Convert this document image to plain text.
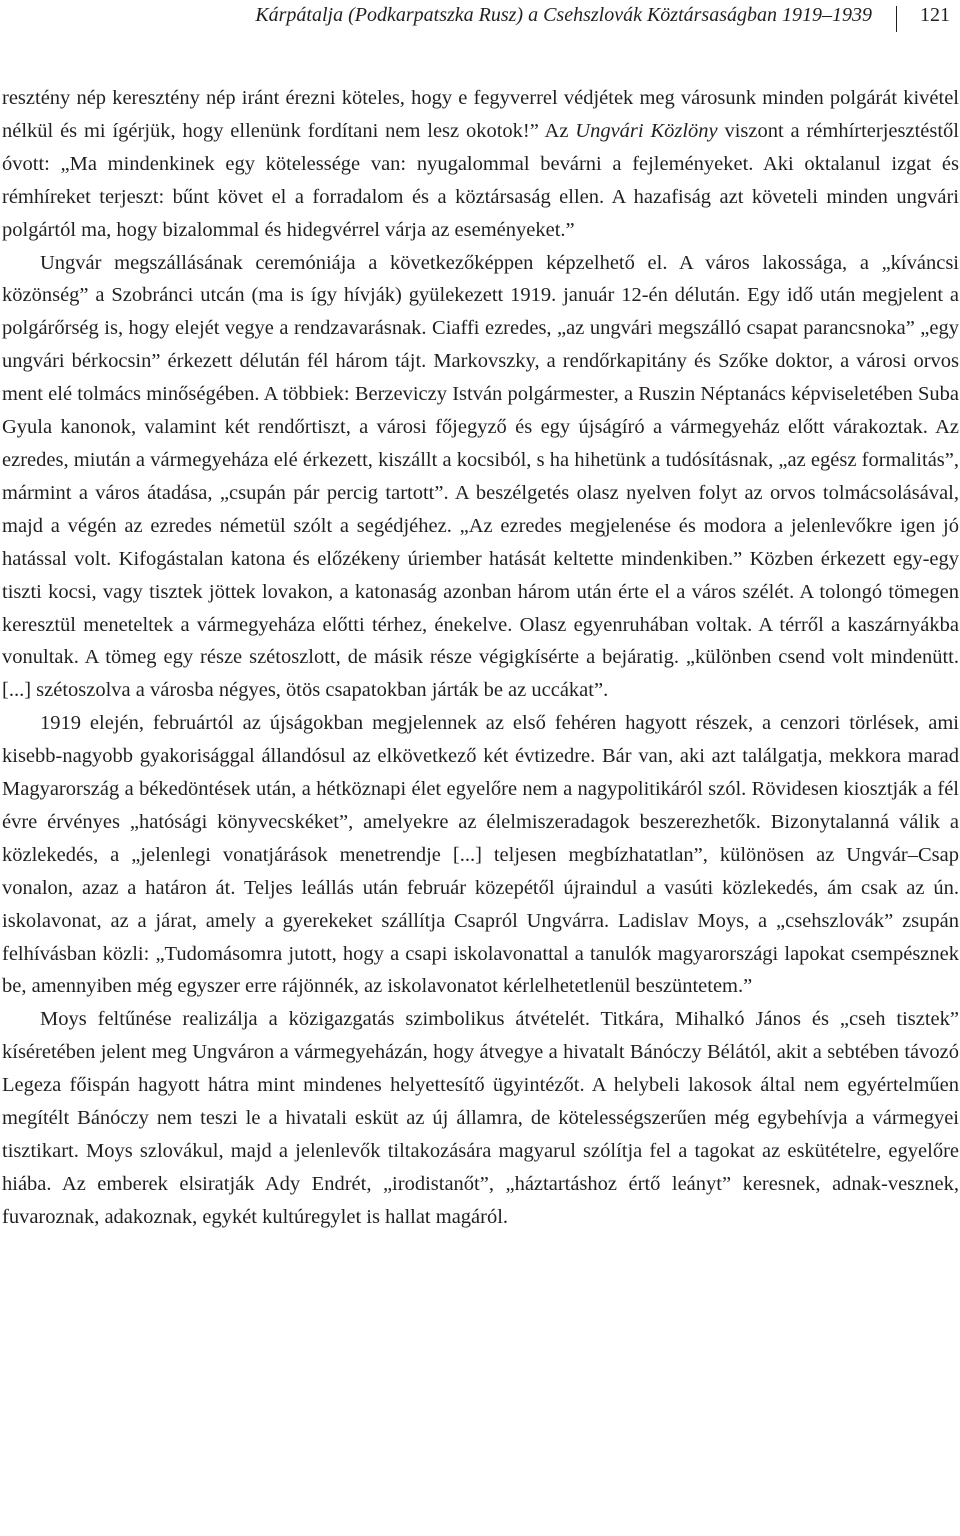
Kárpátalja (Podkarpatszka Rusz) a Csehszlovák Köztársaságban 1919–1939 121

resztény nép keresztény nép iránt érezni köteles, hogy e fegyverrel védjétek meg városunk minden polgárát kivétel nélkül és mi ígérjük, hogy ellenünk fordítani nem lesz okotok!” Az Ungvári Közlöny viszont a rémhírterjesztéstől óvott: „Ma mindenkinek egy kötelessége van: nyugalommal bevárni a fejleményeket. Aki oktalanul izgat és rémhíreket terjeszt: bűnt követ el a forradalom és a köztársaság ellen. A hazafiság azt követeli minden ungvári polgártól ma, hogy bizalommal és hidegvérrel várja az eseményeket.”

Ungvár megszállásának ceremóniája a következőképpen képzelhető el. A város lakossága, a „kíváncsi közönség” a Szobránci utcán (ma is így hívják) gyülekezett 1919. január 12-én délután. Egy idő után megjelent a polgárőrség is, hogy elejét vegye a rendzavarásnak. Ciaffi ezredes, „az ungvári megszálló csapat parancsnoka” „egy ungvári bérkocsin” érkezett délután fél három tájt. Markovszky, a rendőrkapitány és Szőke doktor, a városi orvos ment elé tolmács minőségében. A többiek: Berzeviczy István polgármester, a Ruszin Néptanács képviseletében Suba Gyula kanonok, valamint két rendőrtiszt, a városi főjegyző és egy újságíró a vármegyeház előtt várakoztak. Az ezredes, miután a vármegyeháza elé érkezett, kiszállt a kocsiból, s ha hihetünk a tudósításnak, „az egész formalitás”, mármint a város átadása, „csupán pár percig tartott”. A beszélgetés olasz nyelven folyt az orvos tolmácsolásával, majd a végén az ezredes németül szólt a segédjéhez. „Az ezredes megjelenése és modora a jelenlevőkre igen jó hatással volt. Kifogástalan katona és előzékeny úriember hatását keltette mindenkiben.” Közben érkezett egy-egy tiszti kocsi, vagy tisztek jöttek lovakon, a katonaság azonban három után érte el a város szélét. A tolongó tömegen keresztül meneteltek a vármegyeháza előtti térhez, énekelve. Olasz egyenruhában voltak. A térről a kaszárnyákba vonultak. A tömeg egy része szétoszlott, de másik része végigkísérte a bejáratig. „különben csend volt mindenütt. [...] szétoszolva a városba négyes, ötös csapatokban járták be az uccákat”.

1919 elején, februártól az újságokban megjelennek az első fehéren hagyott részek, a cenzori törlések, ami kisebb-nagyobb gyakorisággal állandósul az elkövetkező két évtizedre. Bár van, aki azt találgatja, mekkora marad Magyarország a békedöntések után, a hétköznapi élet egyelőre nem a nagypolitikáról szól. Rövidesen kiosztják a fél évre érvényes „hatósági könyvecskéket”, amelyekre az élelmiszeradagok beszerezhetők. Bizonytalanná válik a közlekedés, a „jelenlegi vonatjárások menetrendje [...] teljesen megbízhatatlan”, különösen az Ungvár–Csap vonalon, azaz a határon át. Teljes leállás után február közepétől újraindul a vasúti közlekedés, ám csak az ún. iskolavonat, az a járat, amely a gyerekeket szállítja Csapról Ungvárra. Ladislav Moys, a „csehszlovák” zsupán felhívásban közli: „Tudomásomra jutott, hogy a csapi iskolavonattal a tanulók magyarországi lapokat csempésznek be, amennyiben még egyszer erre rájönnék, az iskolavonatot kérlelhetetlenül beszüntetem.”

Moys feltűnése realizálja a közigazgatás szimbolikus átvételét. Titkára, Mihalkó János és „cseh tisztek” kíséretében jelent meg Ungváron a vármegyeházán, hogy átvegye a hivatalt Bánóczy Bélától, akit a sebtében távozó Legeza főispán hagyott hátra mint mindenes helyettesítő ügyintézőt. A helybeli lakosok által nem egyértelműen megítélt Bánóczy nem teszi le a hivatali esküt az új államra, de kötelességszerűen még egybehívja a vármegyei tisztikart. Moys szlovákul, majd a jelenlevők tiltakozására magyarul szólítja fel a tagokat az eskütételre, egyelőre hiába. Az emberek elsiratják Ady Endrét, „irodistanőt”, „háztartáshoz értő leányt” keresnek, adnak-vesznek, fuvaroznak, adakoznak, egykét kultúregylet is hallat magáról.
